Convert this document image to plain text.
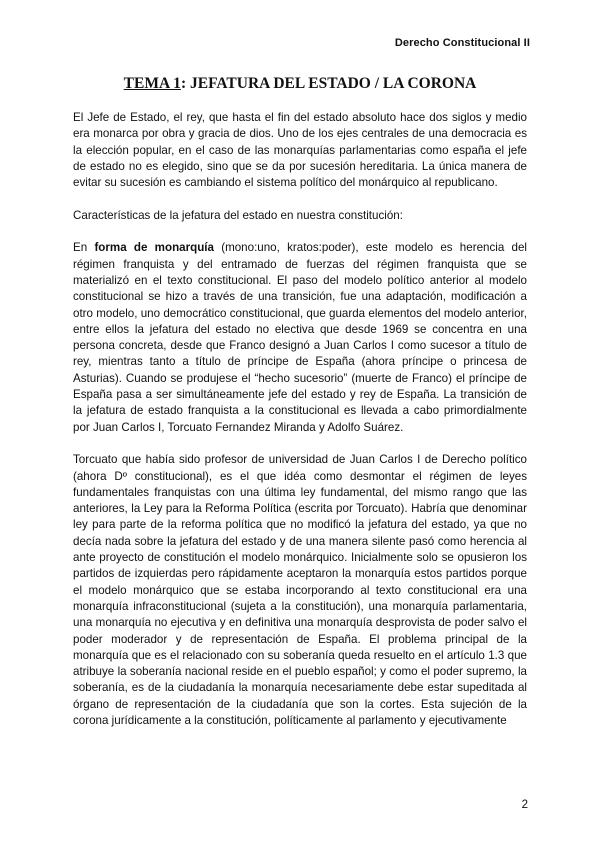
Derecho Constitucional II
TEMA 1: JEFATURA DEL ESTADO / LA CORONA

El Jefe de Estado, el rey, que hasta el fin del estado absoluto hace dos siglos y medio era monarca por obra y gracia de dios. Uno de los ejes centrales de una democracia es la elección popular, en el caso de las monarquías parlamentarias como españa el jefe de estado no es elegido, sino que se da por sucesión hereditaria. La única manera de evitar su sucesión es cambiando el sistema político del monárquico al republicano.

Características de la jefatura del estado en nuestra constitución:

En forma de monarquía (mono:uno, kratos:poder), este modelo es herencia del régimen franquista y del entramado de fuerzas del régimen franquista que se materializó en el texto constitucional. El paso del modelo político anterior al modelo constitucional se hizo a través de una transición, fue una adaptación, modificación a otro modelo, uno democrático constitucional, que guarda elementos del modelo anterior, entre ellos la jefatura del estado no electiva que desde 1969 se concentra en una persona concreta, desde que Franco designó a Juan Carlos I como sucesor a título de rey, mientras tanto a título de príncipe de España (ahora príncipe o princesa de Asturias). Cuando se produjese el “hecho sucesorio” (muerte de Franco) el príncipe de España pasa a ser simultáneamente jefe del estado y rey de España. La transición de la jefatura de estado franquista a la constitucional es llevada a cabo primordialmente por Juan Carlos I, Torcuato Fernandez Miranda y Adolfo Suárez.

Torcuato que había sido profesor de universidad de Juan Carlos I de Derecho político (ahora Dº constitucional), es el que idéa como desmontar el régimen de leyes fundamentales franquistas con una última ley fundamental, del mismo rango que las anteriores, la Ley para la Reforma Política (escrita por Torcuato). Habría que denominar ley para parte de la reforma política que no modificó la jefatura del estado, ya que no decía nada sobre la jefatura del estado y de una manera silente pasó como herencia al ante proyecto de constitución el modelo monárquico. Inicialmente solo se opusieron los partidos de izquierdas pero rápidamente aceptaron la monarquía estos partidos porque el modelo monárquico que se estaba incorporando al texto constitucional era una monarquía infraconstitucional (sujeta a la constitución), una monarquía parlamentaria, una monarquía no ejecutiva y en definitiva una monarquía desprovista de poder salvo el poder moderador y de representación de España. El problema principal de la monarquía que es el relacionado con su soberanía queda resuelto en el artículo 1.3 que atribuye la soberanía nacional reside en el pueblo español; y como el poder supremo, la soberanía, es de la ciudadanía la monarquía necesariamente debe estar supeditada al órgano de representación de la ciudadanía que son la cortes. Esta sujeción de la corona jurídicamente a la constitución, políticamente al parlamento y ejecutivamente

2
